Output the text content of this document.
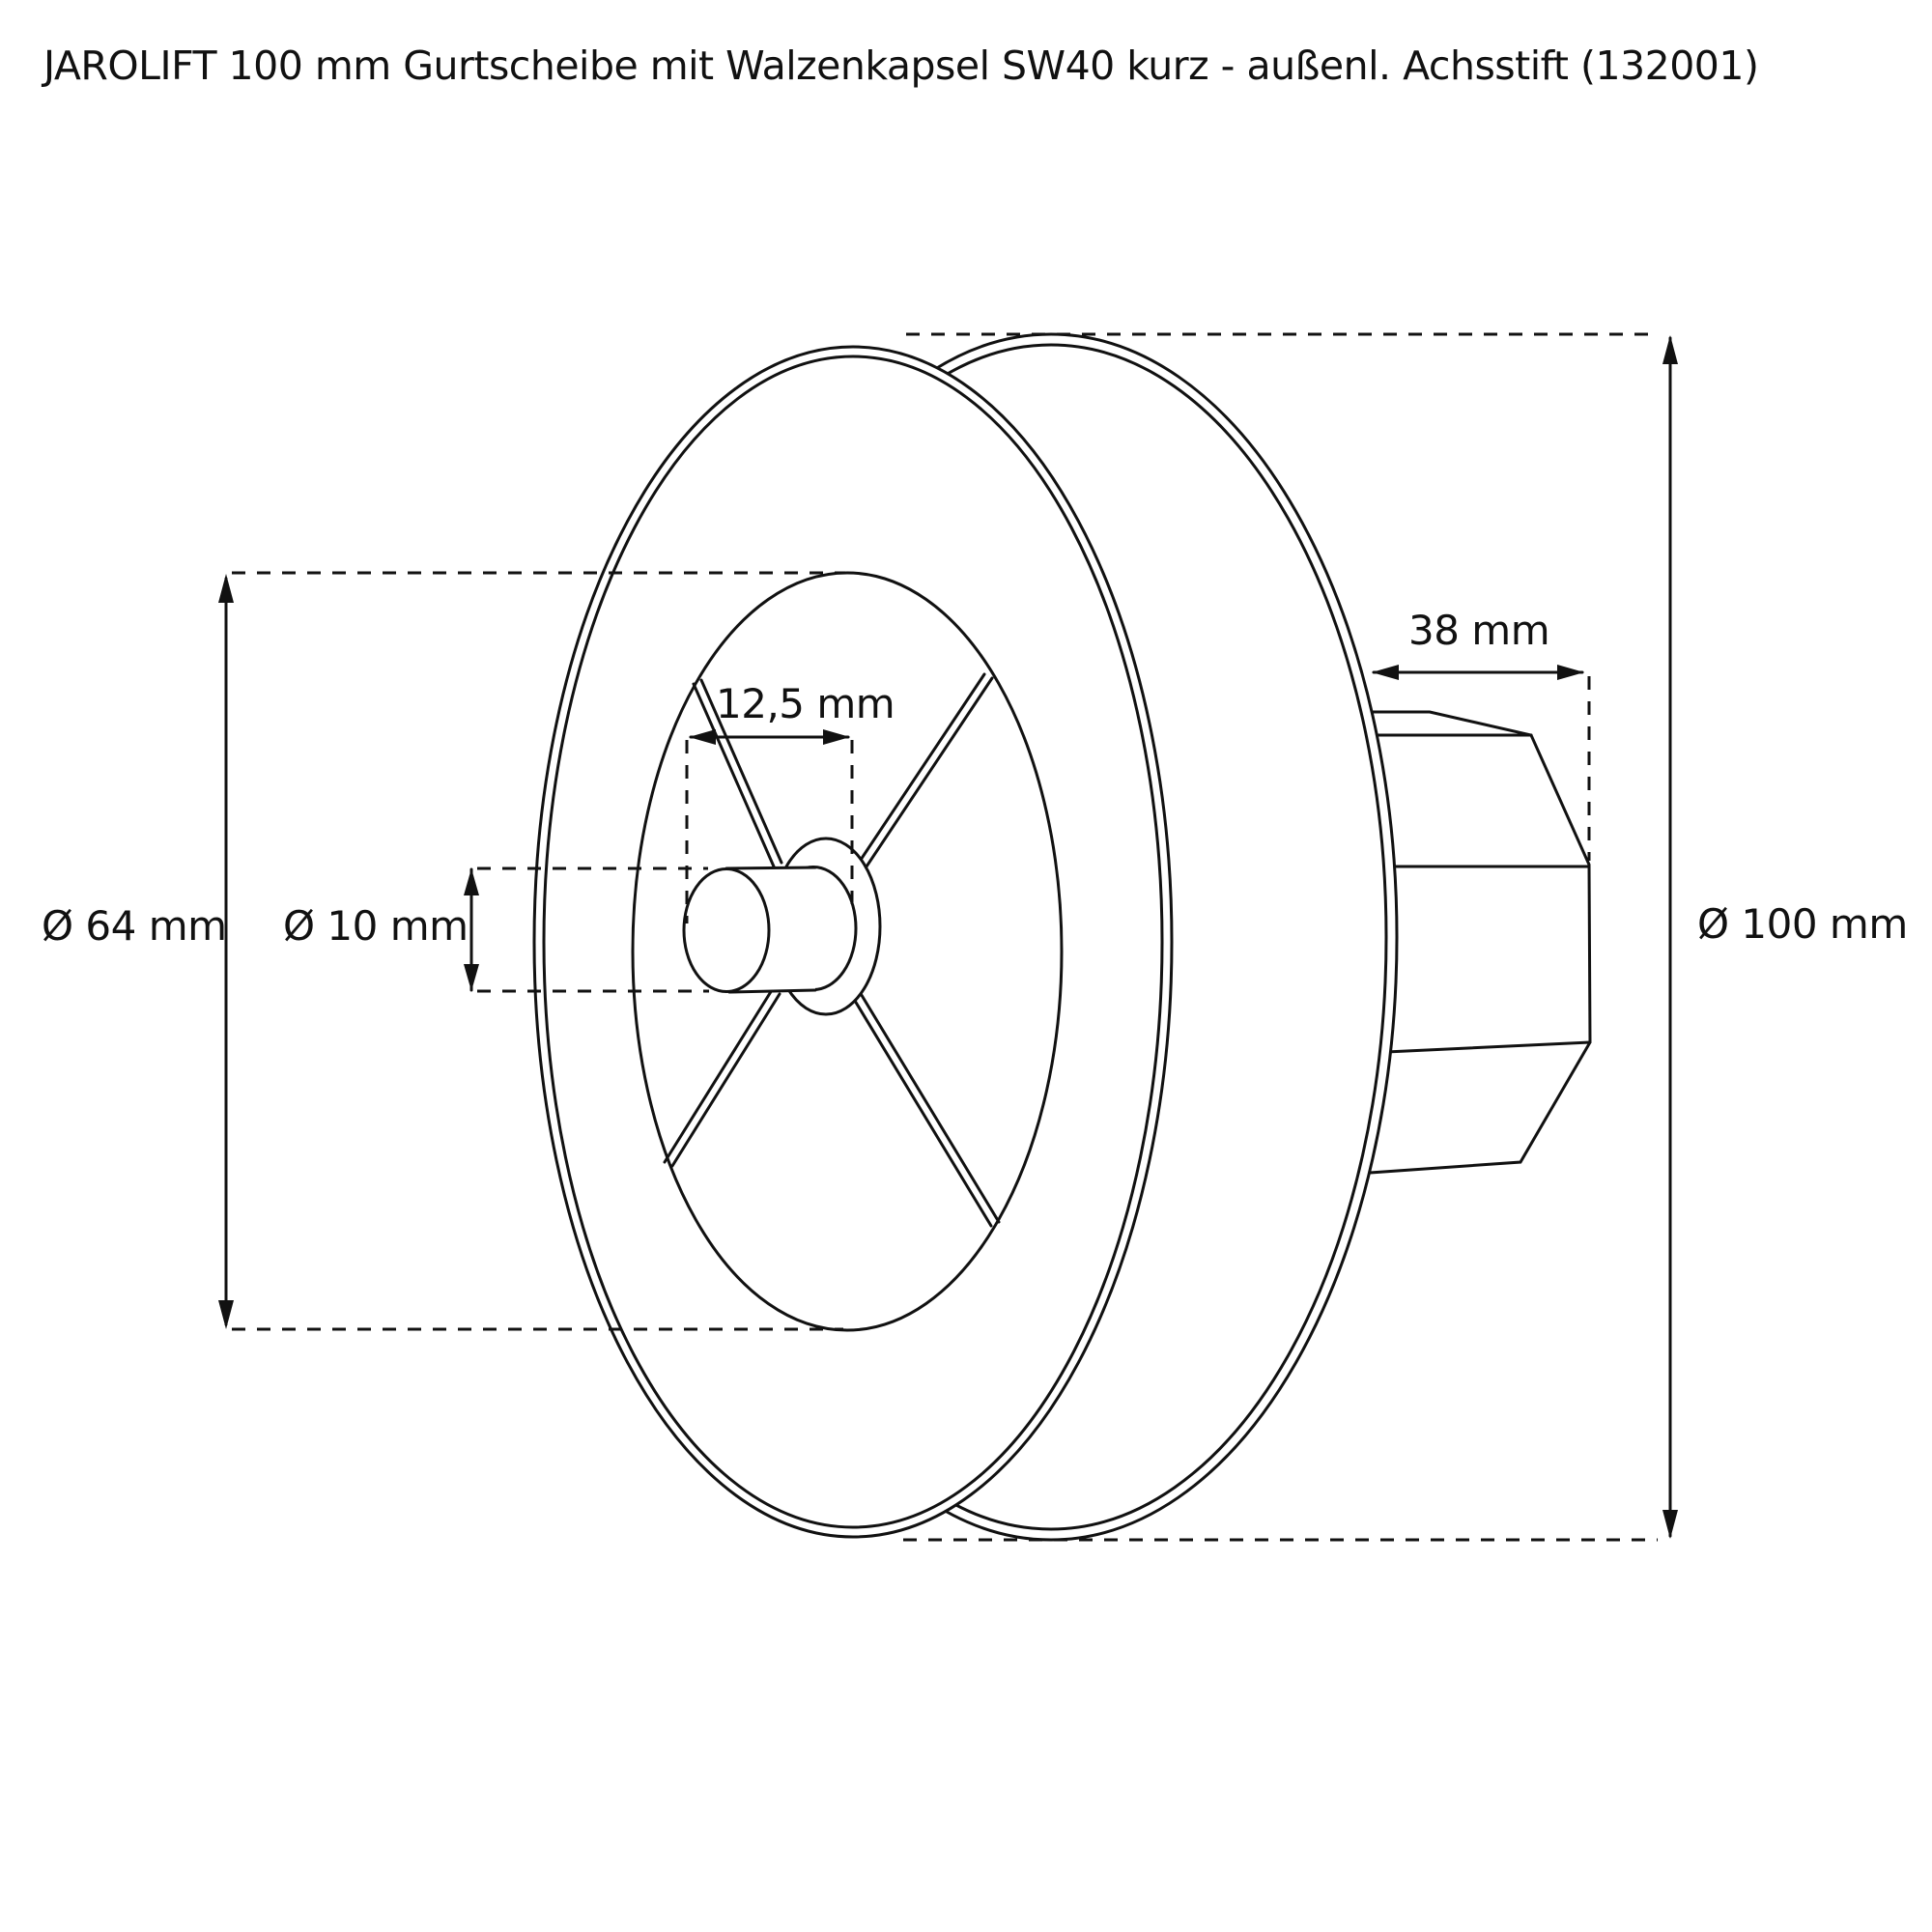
JAROLIFT 100 mm Gurtscheibe mit Walzenkapsel SW40 kurz - außenl. Achsstift (132001)
Ø 64 mm Ø 10 mm
12,5 mm
38 mm
Ø 100 mm
